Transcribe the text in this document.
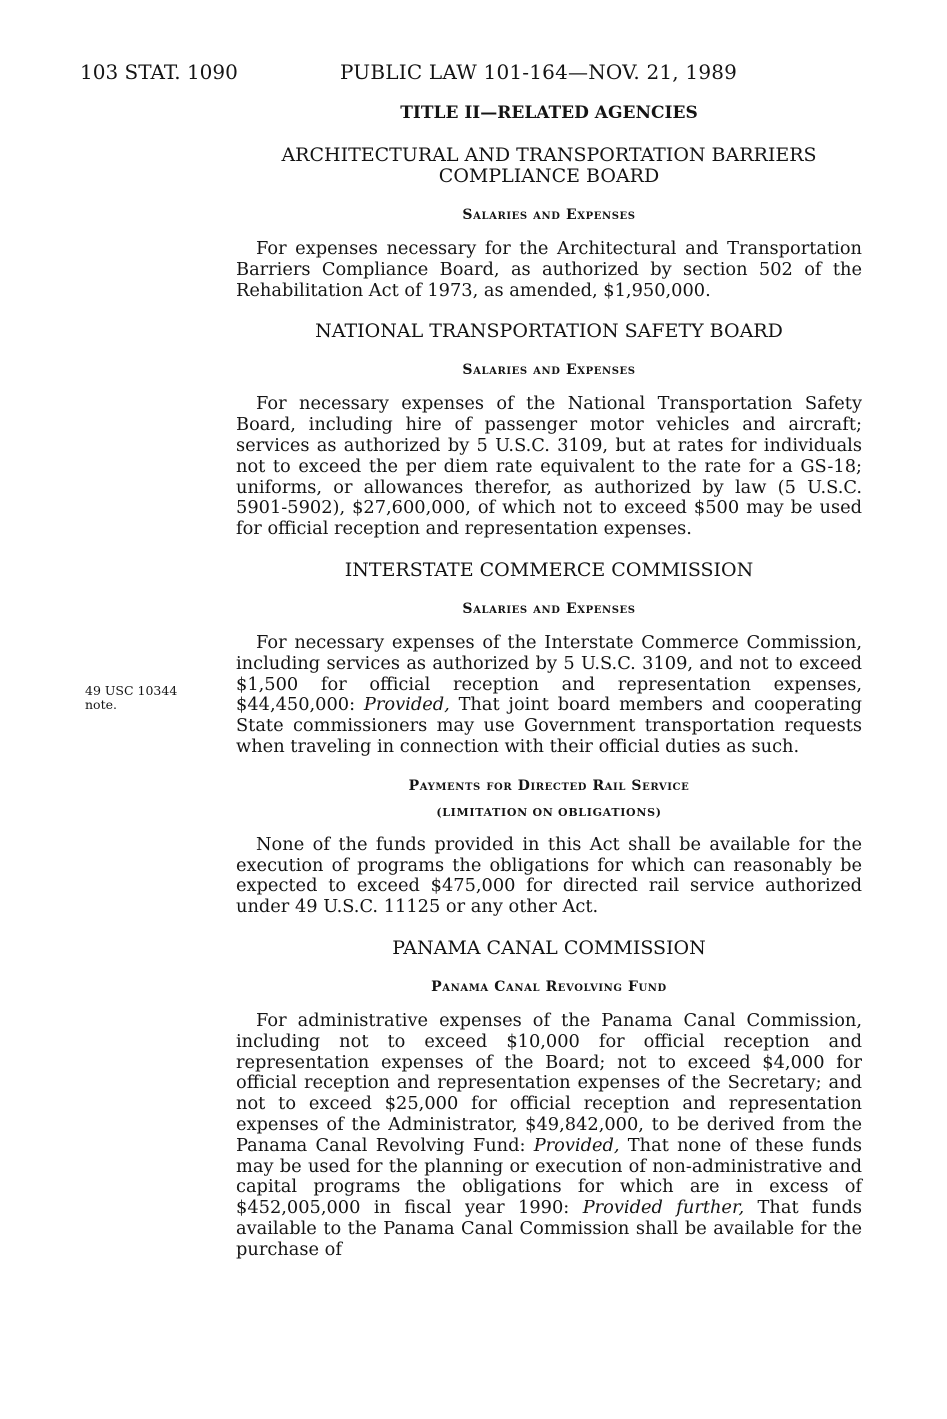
103 STAT. 1090	PUBLIC LAW 101-164—NOV. 21, 1989
49 USC 10344
note.
TITLE II—RELATED AGENCIES
ARCHITECTURAL AND TRANSPORTATION BARRIERS
COMPLIANCE BOARD
Salaries and Expenses

For expenses necessary for the Architectural and Transportation Barriers Compliance Board, as authorized by section 502 of the Rehabilitation Act of 1973, as amended, $1,950,000.

NATIONAL TRANSPORTATION SAFETY BOARD
Salaries and Expenses

For necessary expenses of the National Transportation Safety Board, including hire of passenger motor vehicles and aircraft; services as authorized by 5 U.S.C. 3109, but at rates for individuals not to exceed the per diem rate equivalent to the rate for a GS-18; uniforms, or allowances therefor, as authorized by law (5 U.S.C. 5901-5902), $27,600,000, of which not to exceed $500 may be used for official reception and representation expenses.

INTERSTATE COMMERCE COMMISSION
Salaries and Expenses

For necessary expenses of the Interstate Commerce Commission, including services as authorized by 5 U.S.C. 3109, and not to exceed $1,500 for official reception and representation expenses, $44,450,000: Provided, That joint board members and cooperating State commissioners may use Government transportation requests when traveling in connection with their official duties as such.

Payments for Directed Rail Service
(LIMITATION ON OBLIGATIONS)

None of the funds provided in this Act shall be available for the execution of programs the obligations for which can reasonably be expected to exceed $475,000 for directed rail service authorized under 49 U.S.C. 11125 or any other Act.

PANAMA CANAL COMMISSION
Panama Canal Revolving Fund

For administrative expenses of the Panama Canal Commission, including not to exceed $10,000 for official reception and representation expenses of the Board; not to exceed $4,000 for official reception and representation expenses of the Secretary; and not to exceed $25,000 for official reception and representation expenses of the Administrator, $49,842,000, to be derived from the Panama Canal Revolving Fund: Provided, That none of these funds may be used for the planning or execution of non-administrative and capital programs the obligations for which are in excess of $452,005,000 in fiscal year 1990: Provided further, That funds available to the Panama Canal Commission shall be available for the purchase of
